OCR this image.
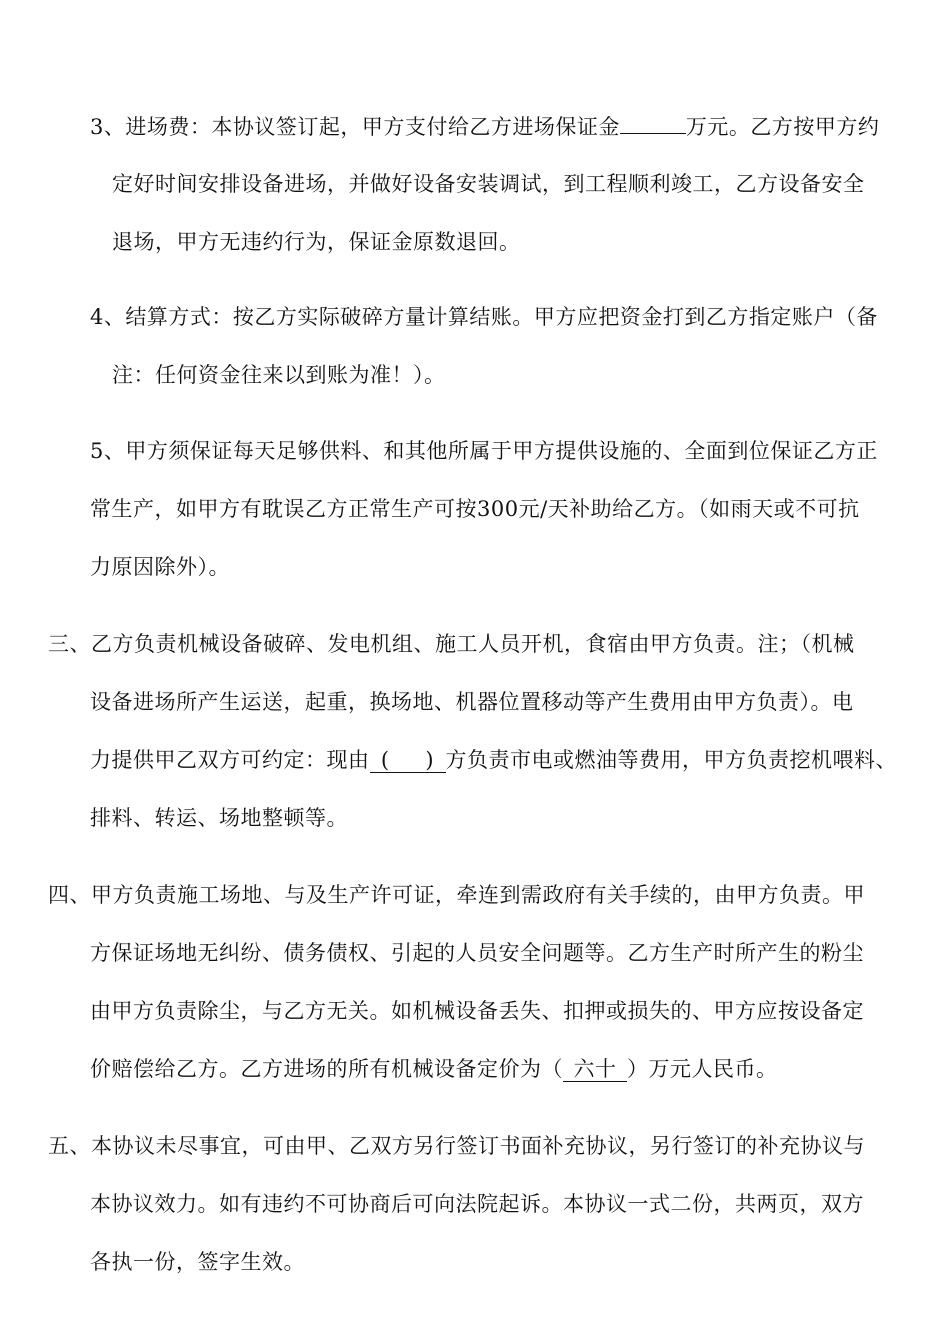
3、进场费：本协议签订起，甲方支付给乙方进场保证金	万元。乙方按甲方约
定好时间安排设备进场，并做好设备安装调试，到工程顺利竣工，乙方设备安全
退场，甲方无违约行为，保证金原数退回。
4、结算方式：按乙方实际破碎方量计算结账。甲方应把资金打到乙方指定账户（备
注：任何资金往来以到账为准！）。
5、甲方须保证每天足够供料、和其他所属于甲方提供设施的、全面到位保证乙方正
常生产，如甲方有耽误乙方正常生产可按300元/天补助给乙方。（如雨天或不可抗
力原因除外）。
三、乙方负责机械设备破碎、发电机组、施工人员开机，食宿由甲方负责。注；（机械
设备进场所产生运送，起重，换场地、机器位置移动等产生费用由甲方负责）。电
力提供甲乙双方可约定：现由 (     ) 方负责市电或燃油等费用，甲方负责挖机喂料、
排料、转运、场地整顿等。
四、甲方负责施工场地、与及生产许可证，牵连到需政府有关手续的，由甲方负责。甲
方保证场地无纠纷、债务债权、引起的人员安全问题等。乙方生产时所产生的粉尘
由甲方负责除尘，与乙方无关。如机械设备丢失、扣押或损失的、甲方应按设备定
价赔偿给乙方。乙方进场的所有机械设备定价为（ 六十 ）万元人民币。
五、本协议未尽事宜，可由甲、乙双方另行签订书面补充协议，另行签订的补充协议与
本协议效力。如有违约不可协商后可向法院起诉。本协议一式二份，共两页，双方
各执一份，签字生效。
